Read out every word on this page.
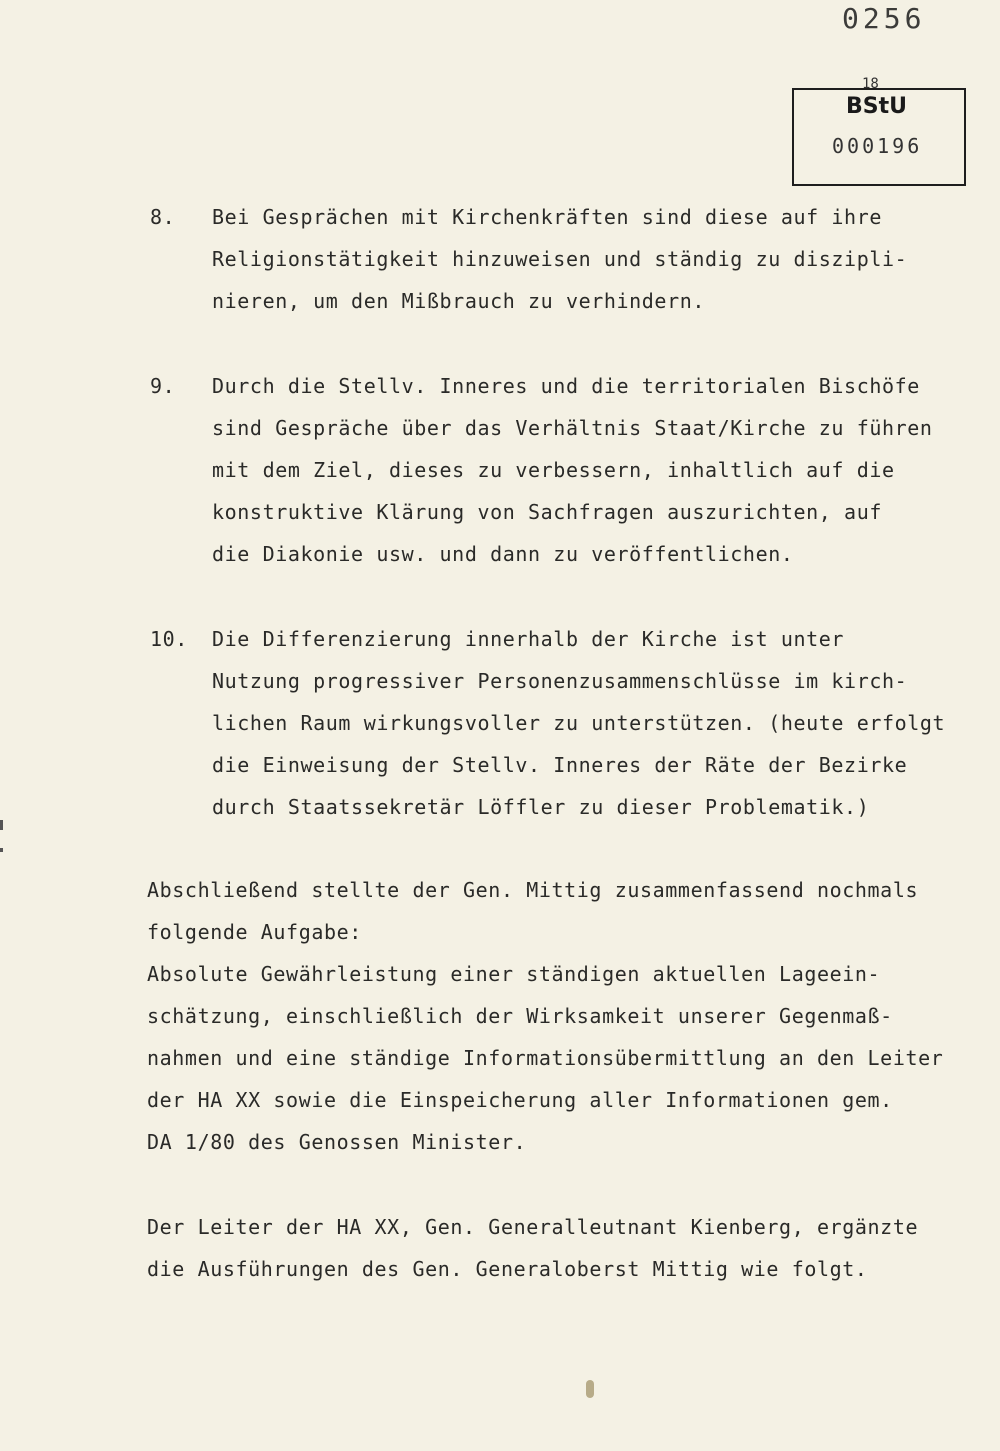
0256
18
BStU
000196
8. Bei Gesprächen mit Kirchenkräften sind diese auf ihre
Religionstätigkeit hinzuweisen und ständig zu diszipli-
nieren, um den Mißbrauch zu verhindern.
9. Durch die Stellv. Inneres und die territorialen Bischöfe
sind Gespräche über das Verhältnis Staat/Kirche zu führen
mit dem Ziel, dieses zu verbessern, inhaltlich auf die
konstruktive Klärung von Sachfragen auszurichten, auf
die Diakonie usw. und dann zu veröffentlichen.
10. Die Differenzierung innerhalb der Kirche ist unter
Nutzung progressiver Personenzusammenschlüsse im kirch-
lichen Raum wirkungsvoller zu unterstützen. (heute erfolgt
die Einweisung der Stellv. Inneres der Räte der Bezirke
durch Staatssekretär Löffler zu dieser Problematik.)
Abschließend stellte der Gen. Mittig zusammenfassend nochmals
folgende Aufgabe:
Absolute Gewährleistung einer ständigen aktuellen Lageein-
schätzung, einschließlich der Wirksamkeit unserer Gegenmaß-
nahmen und eine ständige Informationsübermittlung an den Leiter
der HA XX sowie die Einspeicherung aller Informationen gem.
DA 1/80 des Genossen Minister.
Der Leiter der HA XX, Gen. Generalleutnant Kienberg, ergänzte
die Ausführungen des Gen. Generaloberst Mittig wie folgt.
